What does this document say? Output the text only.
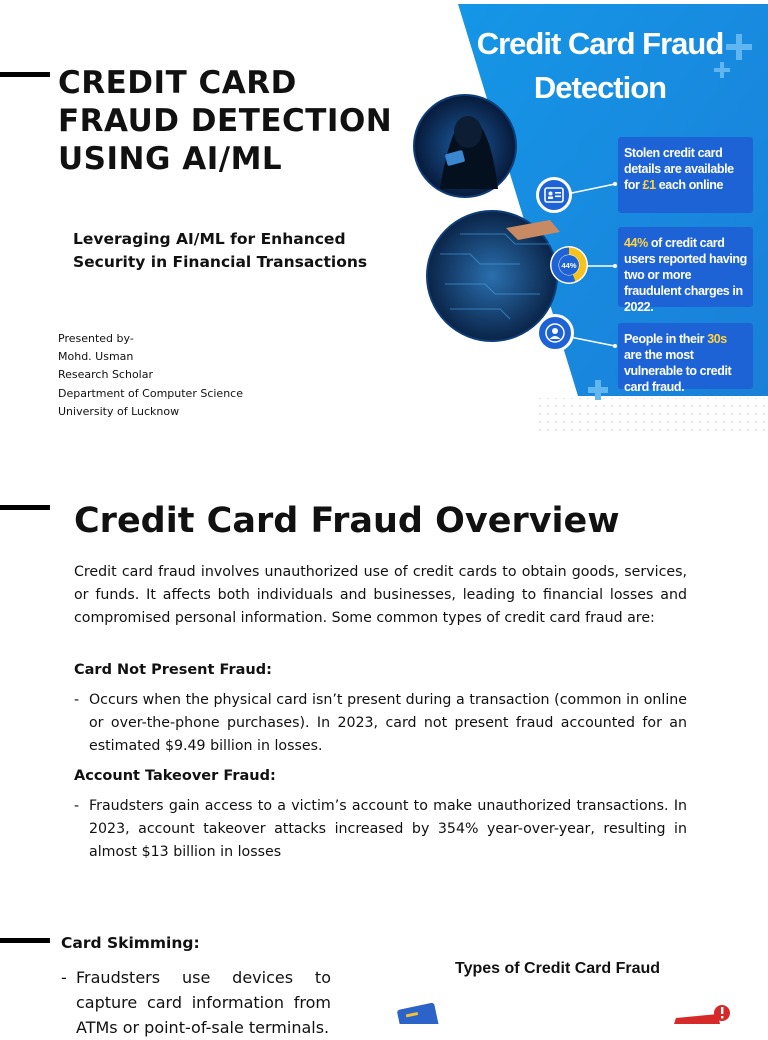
CREDIT CARD FRAUD DETECTION USING AI/ML
Leveraging AI/ML for Enhanced Security in Financial Transactions
Presented by-
Mohd. Usman
Research Scholar
Department of Computer Science
University of Lucknow
Credit Card Fraud Detection
44%
Stolen credit card details are available for £1 each online
44% of credit card users reported having two or more fraudulent charges in 2022.
People in their 30s are the most vulnerable to credit card fraud.
Credit Card Fraud Overview
Credit card fraud involves unauthorized use of credit cards to obtain goods, services, or funds. It affects both individuals and businesses, leading to financial losses and compromised personal information. Some common types of credit card fraud are:
Card Not Present Fraud:
- Occurs when the physical card isn’t present during a transaction (common in online or over-the-phone purchases). In 2023, card not present fraud accounted for an estimated $9.49 billion in losses.
Account Takeover Fraud:
- Fraudsters gain access to a victim’s account to make unauthorized transactions. In 2023, account takeover attacks increased by 354% year-over-year, resulting in almost $13 billion in losses
Card Skimming:
- Fraudsters use devices to capture card information from ATMs or point-of-sale terminals.
Types of Credit Card Fraud
